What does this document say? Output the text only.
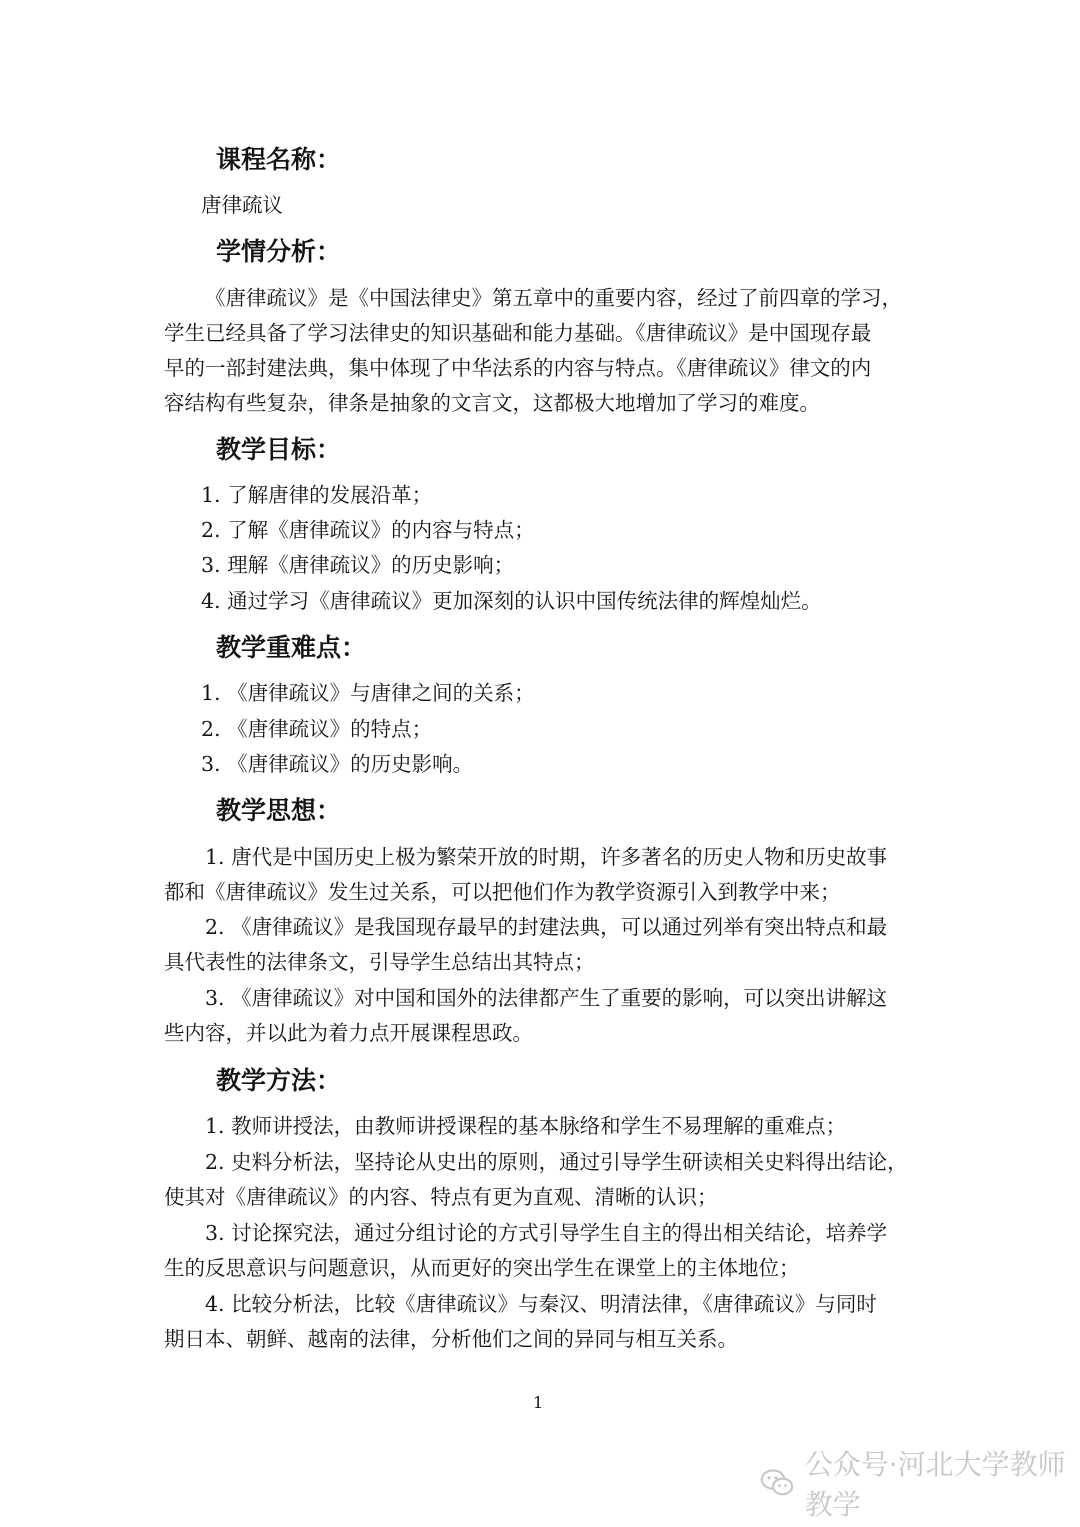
课程名称：
唐律疏议
学情分析：
《唐律疏议》是《中国法律史》第五章中的重要内容，经过了前四章的学习，
学生已经具备了学习法律史的知识基础和能力基础。《唐律疏议》是中国现存最
早的一部封建法典，集中体现了中华法系的内容与特点。《唐律疏议》律文的内
容结构有些复杂，律条是抽象的文言文，这都极大地增加了学习的难度。
教学目标：
1. 了解唐律的发展沿革；
2. 了解《唐律疏议》的内容与特点；
3. 理解《唐律疏议》的历史影响；
4. 通过学习《唐律疏议》更加深刻的认识中国传统法律的辉煌灿烂。
教学重难点：
1. 《唐律疏议》与唐律之间的关系；
2. 《唐律疏议》的特点；
3. 《唐律疏议》的历史影响。
教学思想：
1. 唐代是中国历史上极为繁荣开放的时期，许多著名的历史人物和历史故事
都和《唐律疏议》发生过关系，可以把他们作为教学资源引入到教学中来；
2. 《唐律疏议》是我国现存最早的封建法典，可以通过列举有突出特点和最
具代表性的法律条文，引导学生总结出其特点；
3. 《唐律疏议》对中国和国外的法律都产生了重要的影响，可以突出讲解这
些内容，并以此为着力点开展课程思政。
教学方法：
1. 教师讲授法，由教师讲授课程的基本脉络和学生不易理解的重难点；
2. 史料分析法，坚持论从史出的原则，通过引导学生研读相关史料得出结论，
使其对《唐律疏议》的内容、特点有更为直观、清晰的认识；
3. 讨论探究法，通过分组讨论的方式引导学生自主的得出相关结论，培养学
生的反思意识与问题意识，从而更好的突出学生在课堂上的主体地位；
4. 比较分析法，比较《唐律疏议》与秦汉、明清法律，《唐律疏议》与同时
期日本、朝鲜、越南的法律，分析他们之间的异同与相互关系。
1
公众号·河北大学教师教学
